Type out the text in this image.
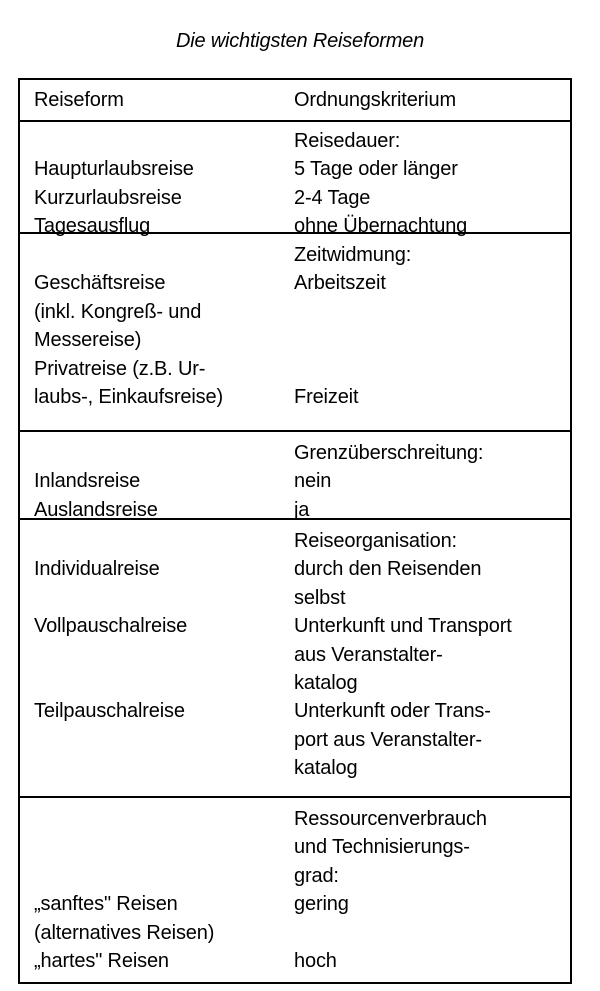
Die wichtigsten Reiseformen
Reiseform	Ordnungskriterium
Haupturlaubsreise
Kurzurlaubsreise
Tagesausflug
Reisedauer:
5 Tage oder länger
2-4 Tage
ohne Übernachtung
Geschäftsreise
(inkl. Kongreß- und
Messereise)
Privatreise (z.B. Ur-
laubs-, Einkaufsreise)
Zeitwidmung:
Arbeitszeit
Freizeit
Inlandsreise
Auslandsreise
Grenzüberschreitung:
nein
ja
Individualreise
Vollpauschalreise
Teilpauschalreise
Reiseorganisation:
durch den Reisenden
selbst
Unterkunft und Transport
aus Veranstalter-
katalog
Unterkunft oder Trans-
port aus Veranstalter-
katalog
„sanftes" Reisen
(alternatives Reisen)
„hartes" Reisen
Ressourcenverbrauch
und Technisierungs-
grad:
gering
hoch
